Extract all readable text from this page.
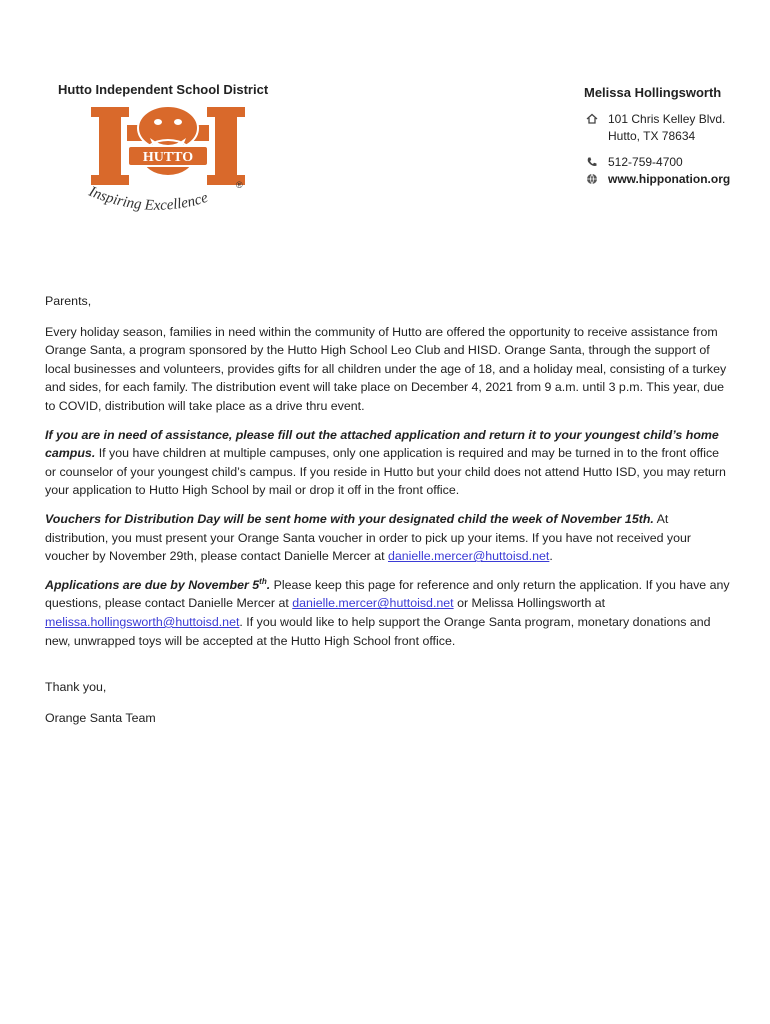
Hutto Independent School District
HUTTO
Inspiring Excellence
®
Melissa Hollingsworth
101 Chris Kelley Blvd.
Hutto, TX 78634
512-759-4700
www.hipponation.org

Parents,

Every holiday season, families in need within the community of Hutto are offered the opportunity to receive assistance from Orange Santa, a program sponsored by the Hutto High School Leo Club and HISD. Orange Santa, through the support of local businesses and volunteers, provides gifts for all children under the age of 18, and a holiday meal, consisting of a turkey and sides, for each family. The distribution event will take place on December 4, 2021 from 9 a.m. until 3 p.m. This year, due to COVID, distribution will take place as a drive thru event.

If you are in need of assistance, please fill out the attached application and return it to your youngest child’s home campus. If you have children at multiple campuses, only one application is required and may be turned in to the front office or counselor of your youngest child’s campus. If you reside in Hutto but your child does not attend Hutto ISD, you may return your application to Hutto High School by mail or drop it off in the front office.

Vouchers for Distribution Day will be sent home with your designated child the week of November 15th. At distribution, you must present your Orange Santa voucher in order to pick up your items. If you have not received your voucher by November 29th, please contact Danielle Mercer at danielle.mercer@huttoisd.net.

Applications are due by November 5th. Please keep this page for reference and only return the application. If you have any questions, please contact Danielle Mercer at danielle.mercer@huttoisd.net or Melissa Hollingsworth at melissa.hollingsworth@huttoisd.net. If you would like to help support the Orange Santa program, monetary donations and new, unwrapped toys will be accepted at the Hutto High School front office.

Thank you,

Orange Santa Team
